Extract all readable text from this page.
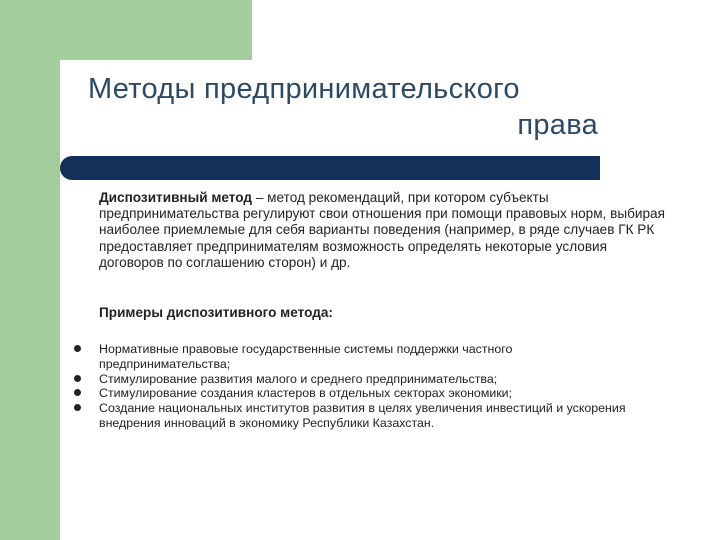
Методы предпринимательского
права
Диспозитивный метод – метод рекомендаций, при котором субъекты предпринимательства регулируют свои отношения при помощи правовых норм, выбирая наиболее приемлемые для себя варианты поведения (например, в ряде случаев ГК РК предоставляет предпринимателям возможность определять некоторые условия договоров по соглашению сторон) и др.
Примеры диспозитивного метода:
Нормативные правовые государственные системы поддержки частного предпринимательства;
Стимулирование развития малого и среднего предпринимательства;
Стимулирование создания кластеров в отдельных секторах экономики;
Создание национальных институтов развития в целях увеличения инвестиций и ускорения внедрения инноваций в экономику Республики Казахстан.
